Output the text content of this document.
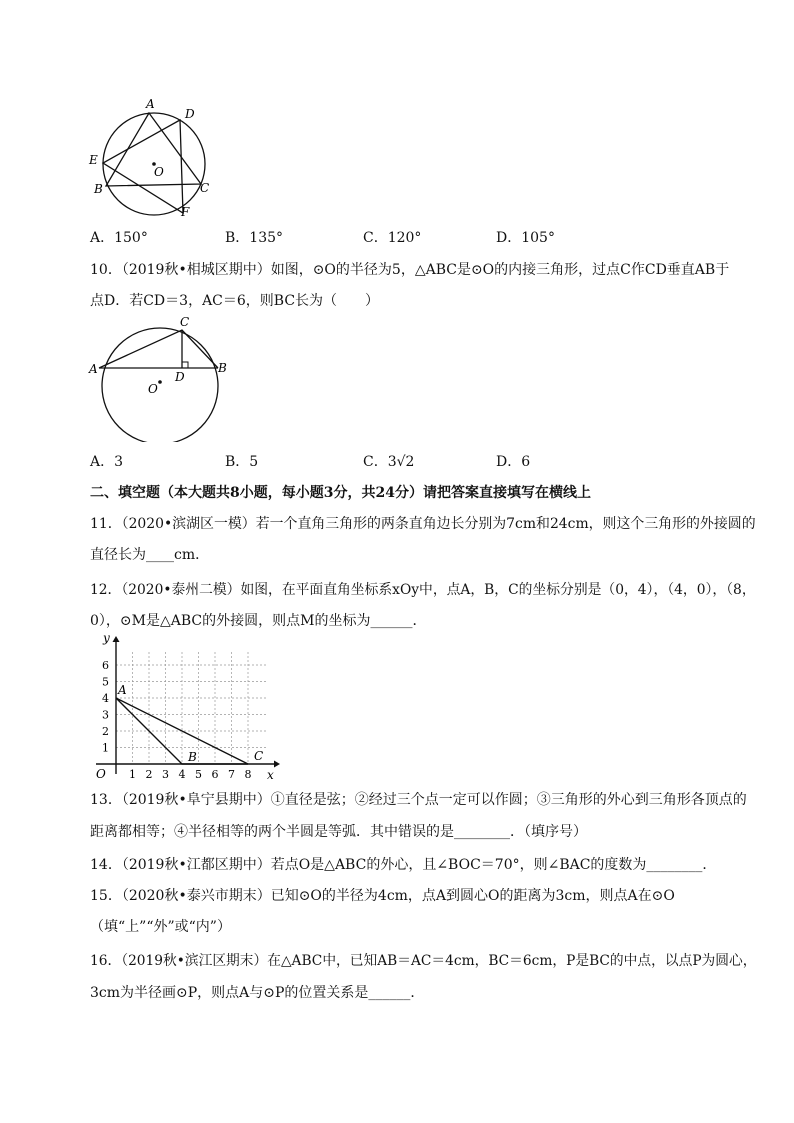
A
D
E
O
B	C
F
A．150°	B．135°	C．120°	D．105°
10．（2019秋•相城区期中）如图，⊙O的半径为5，△ABC是⊙O的内接三角形，过点C作CD垂直AB于
点D．若CD＝3，AC＝6，则BC长为（　　）
A
C
B
D
O
A．3	B．5	C．3√2	D．6
二、填空题（本大题共8小题，每小题3分，共24分）请把答案直接填写在横线上
11．（2020•滨湖区一模）若一个直角三角形的两条直角边长分别为7cm和24cm，则这个三角形的外接圆的
直径长为____cm．
12．（2020•泰州二模）如图，在平面直角坐标系xOy中，点A，B，C的坐标分别是（0，4），（4，0），（8，
0），⊙M是△ABC的外接圆，则点M的坐标为______．
y
x
O
1
2
3
4
5
6
1 2 3 4 5 6 7 8
A
B	C
13．（2019秋•阜宁县期中）①直径是弦；②经过三个点一定可以作圆；③三角形的外心到三角形各顶点的
距离都相等；④半径相等的两个半圆是等弧．其中错误的是________．（填序号）
14．（2019秋•江都区期中）若点O是△ABC的外心，且∠BOC＝70°，则∠BAC的度数为________．
15．（2020秋•泰兴市期末）已知⊙O的半径为4cm，点A到圆心O的距离为3cm，则点A在⊙O
（填“上”“外”或“内”）
16．（2019秋•滨江区期末）在△ABC中，已知AB＝AC＝4cm，BC＝6cm，P是BC的中点，以点P为圆心，
3cm为半径画⊙P，则点A与⊙P的位置关系是______．
